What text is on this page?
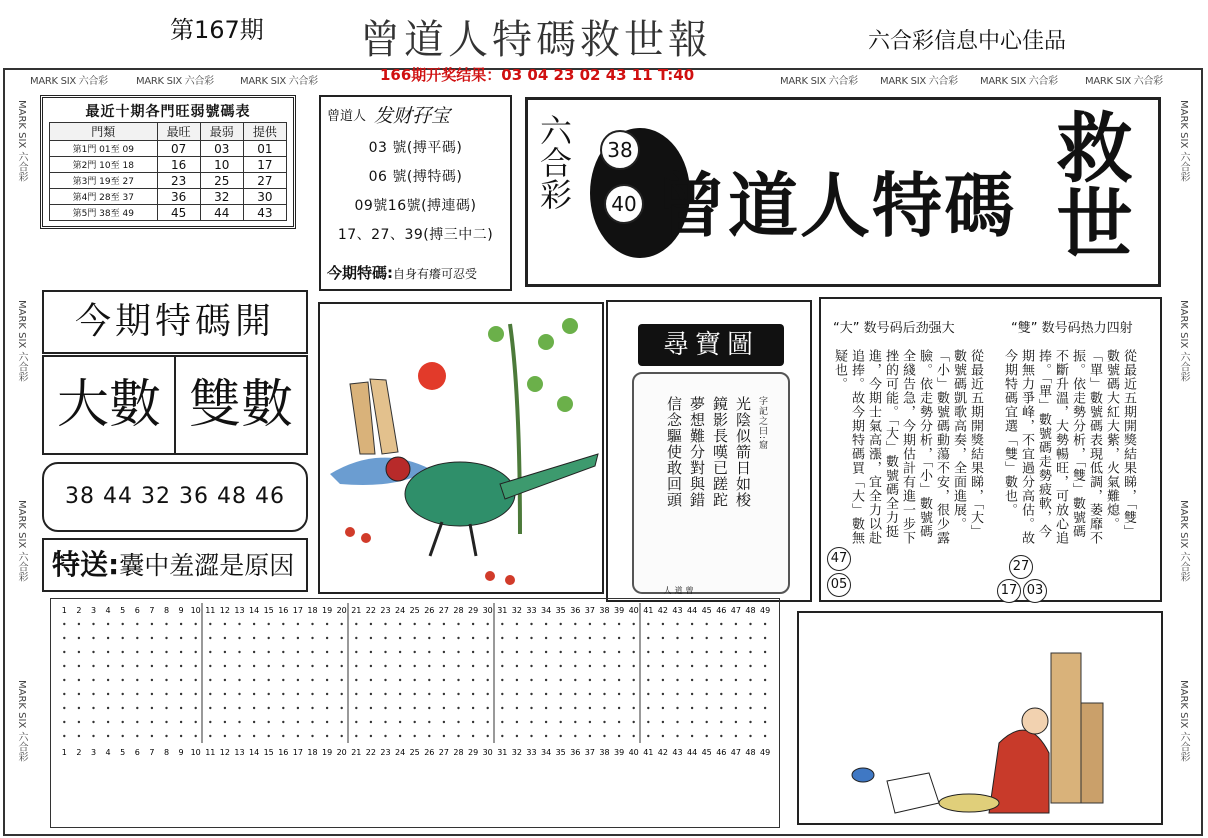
第167期 曾道人特碼救世報	六合彩信息中心佳品
166期开奖结果：03 04 23 02 43 11 T:40
MARK SIX 六合彩	MARK SIX 六合彩	MARK SIX 六合彩	MARK SIX 六合彩 MARK SIX 六合彩 MARK SIX 六合彩	MARK SIX 六合彩
MARK SIX 六合彩
MARK SIX 六合彩
MARK SIX 六合彩
MARK SIX 六合彩
MARK SIX 六合彩
MARK SIX 六合彩
MARK SIX 六合彩
MARK SIX 六合彩
最近十期各門旺弱號碼表
門類	最旺	最弱	提供
第1門 01至 09	07	03	01
第2門 10至 18	16	10	17
第3門 19至 27	23	25	27
第4門 28至 37	36	32	30
第5門 38至 49	45	44	43
曾道人 发财孖宝
03 號(搏平碼)
06 號(搏特碼)
09號16號(搏連碼)
17、27、39(搏三中二)
今期特碼:自身有癢可忍受
六合彩	38
40 曾道人特碼 救世
今期特碼開
大數 雙數
38 44 32 36 48 46
特送:囊中羞澀是原因
尋寶圖
字記之曰:窟
光陰似箭日如梭
鏡影長嘆已蹉跎
夢想難分對與錯
信念驅使敢回頭
曾道人
“大” 数号码后劲强大	“雙” 数号码热力四射
從最近五期開獎結果睇，「大」數號碼凱歌高奏，全面進展。「小」數號碼動蕩不安，很少露臉。依走勢分析，「小」數號碼全綫告急，今期估計有進一步下挫的可能。「大」數號碼全力挺進，今期士氣高漲，宜全力以赴追捧。故今期特碼買「大」數無疑也。	從最近五期開獎結果睇，「雙」數號碼大紅大紫，火氣難熄。「單」數號碼表現低調，萎靡不振。依走勢分析，「雙」數號碼不斷升溫，大勢暢旺，可放心追捧。「單」數號碼走勢疲軟，今期無力爭峰，不宜過分高估。故今期特碼宜選「雙」數也。
47
05
27
17 03
1 2 3 4 5 6 7 8 9 10 11 12 13 14 15 16 17 18 19 20 21 22 23 24 25 26 27 28 29 30 31 32 33 34 35 36 37 38 39 40 41 42 43 44 45 46 47 48 49
1 2 3 4 5 6 7 8 9 10 11 12 13 14 15 16 17 18 19 20 21 22 23 24 25 26 27 28 29 30 31 32 33 34 35 36 37 38 39 40 41 42 43 44 45 46 47 48 49
